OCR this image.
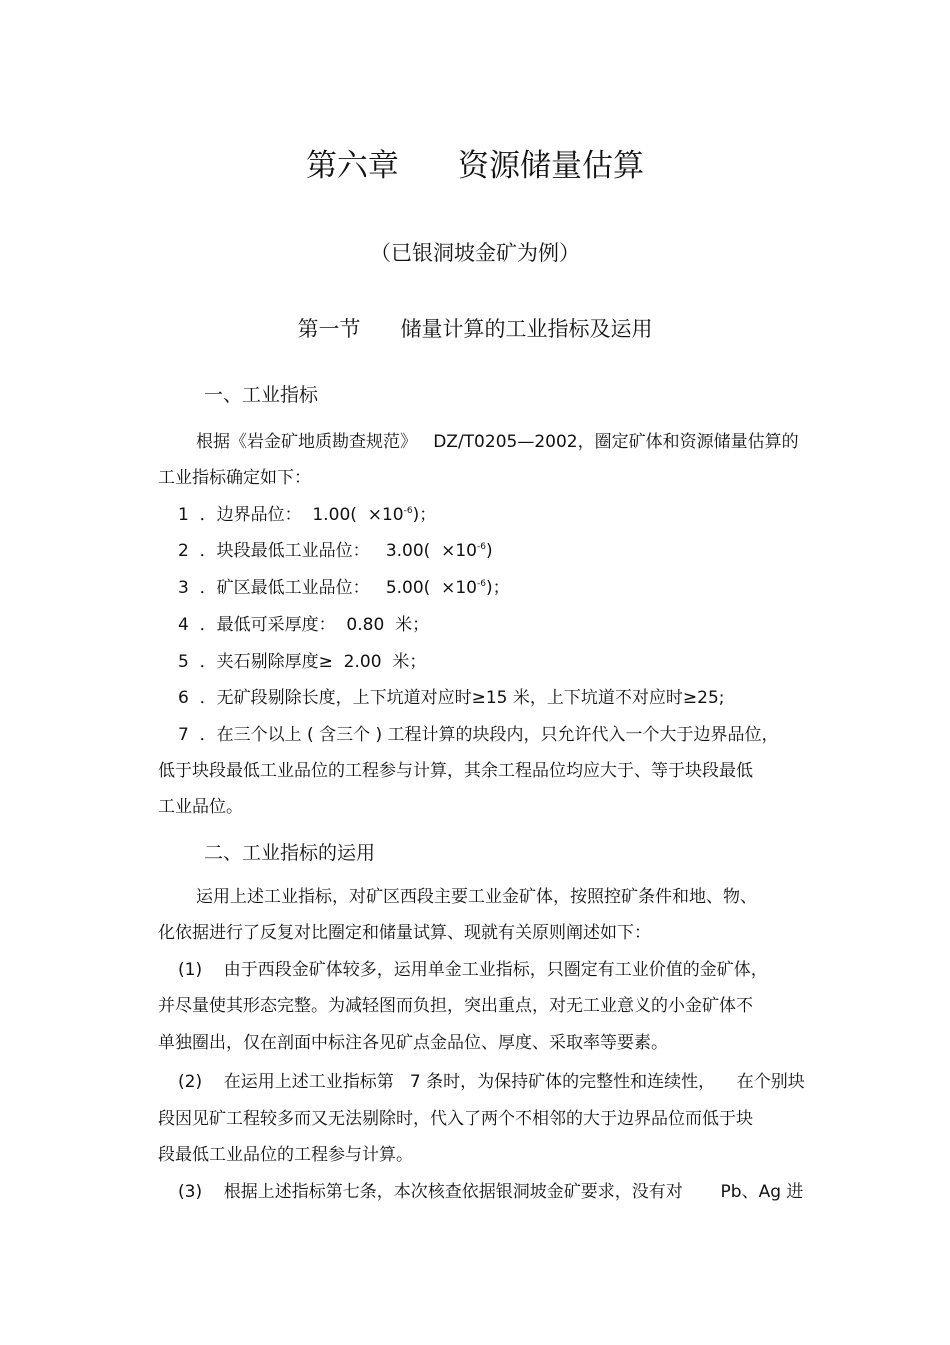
第六章      资源储量估算
（已银洞坡金矿为例）
第一节      储量计算的工业指标及运用
一、工业指标
根据《岩金矿地质勘查规范》   DZ/T0205—2002，圈定矿体和资源储量估算的
工业指标确定如下：
1  ．边界品位：  $1.00( \times 10^{-6})$；
2  ．块段最低工业品位：   $3.00( \times 10^{-6})$
3  ．矿区最低工业品位：   $5.00( \times 10^{-6})$；
4  ．最低可采厚度：  0.80  米；
5  ．夹石剔除厚度≥  2.00  米；
6  ．无矿段剔除长度，上下坑道对应时≥15 米，上下坑道不对应时≥25;
7  ．在三个以上 ( 含三个 ) 工程计算的块段内，只允许代入一个大于边界品位，
低于块段最低工业品位的工程参与计算，其余工程品位均应大于、等于块段最低
工业品位。
二、工业指标的运用
运用上述工业指标，对矿区西段主要工业金矿体，按照控矿条件和地、物、
化依据进行了反复对比圈定和储量试算、现就有关原则阐述如下：
(1)    由于西段金矿体较多，运用单金工业指标，只圈定有工业价值的金矿体，
并尽量使其形态完整。为减轻图而负担，突出重点，对无工业意义的小金矿体不
单独圈出，仅在剖面中标注各见矿点金品位、厚度、采取率等要素。
(2)    在运用上述工业指标第   7 条时，为保持矿体的完整性和连续性，    在个别块
段因见矿工程较多而又无法剔除时，代入了两个不相邻的大于边界品位而低于块
段最低工业品位的工程参与计算。
(3)    根据上述指标第七条，本次核查依据银洞坡金矿要求，没有对       Pb、Ag 进
